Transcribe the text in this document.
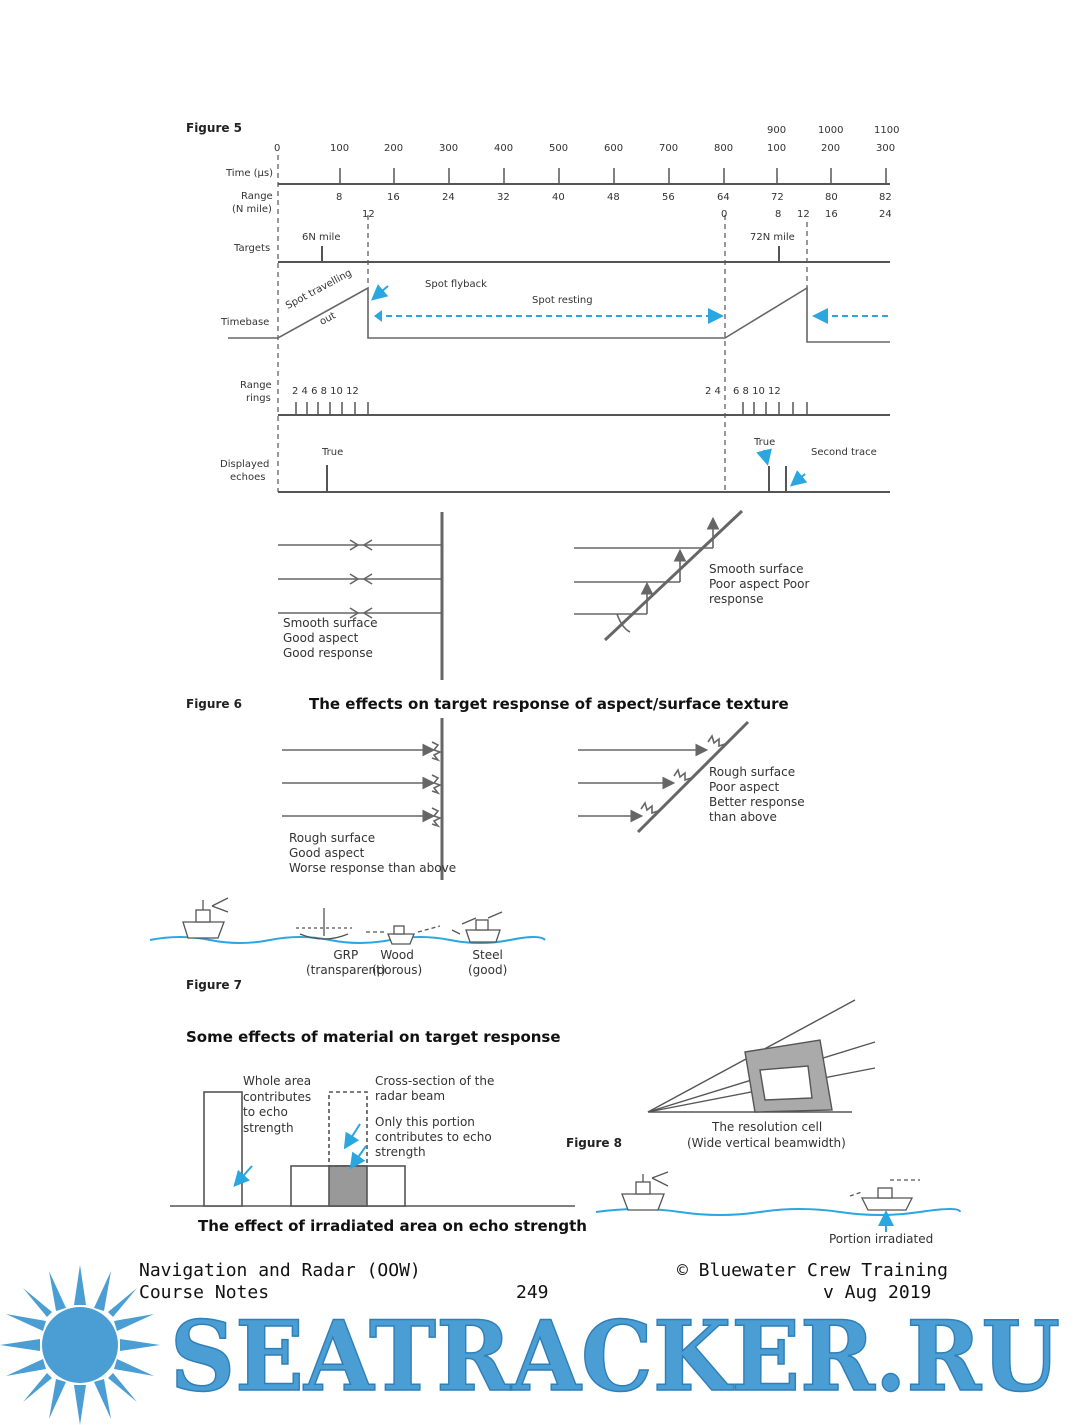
Figure 5
0	100	200	300	400	500	600	700	800
900	1000	1100
100	200	300
Time (µs)
Range
(N mile)
8	16	24	32	40	48	56	64	72	80	82
12	0	8 12 16	24
Targets
6N mile	72N mile
Timebase
Spot travelling
out
Spot flyback
Spot resting
Range
rings
2 4 6 8 10 12	2 4 6 8 10 12
Displayed
echoes
True
True
Second trace
Smooth surface
Good aspect
Good response
Smooth surface
Poor aspect Poor
response
Figure 6	The effects on target response of aspect/surface texture
Rough surface
Good aspect
Worse response than above
Rough surface
Poor aspect
Better response
than above
GRP
(transparent)
Wood
(porous)
Steel
(good)
Figure 7
Some effects of material on target response
Whole area
contributes
to echo
strength
Cross-section of the
radar beam
Only this portion
contributes to echo
strength
The effect of irradiated area on echo strength
Figure 8
The resolution cell
(Wide vertical beamwidth)
Portion irradiated
Navigation and Radar (OOW)
Course Notes	249
© Bluewater Crew Training
v Aug 2019
SEATRACKER.RU
